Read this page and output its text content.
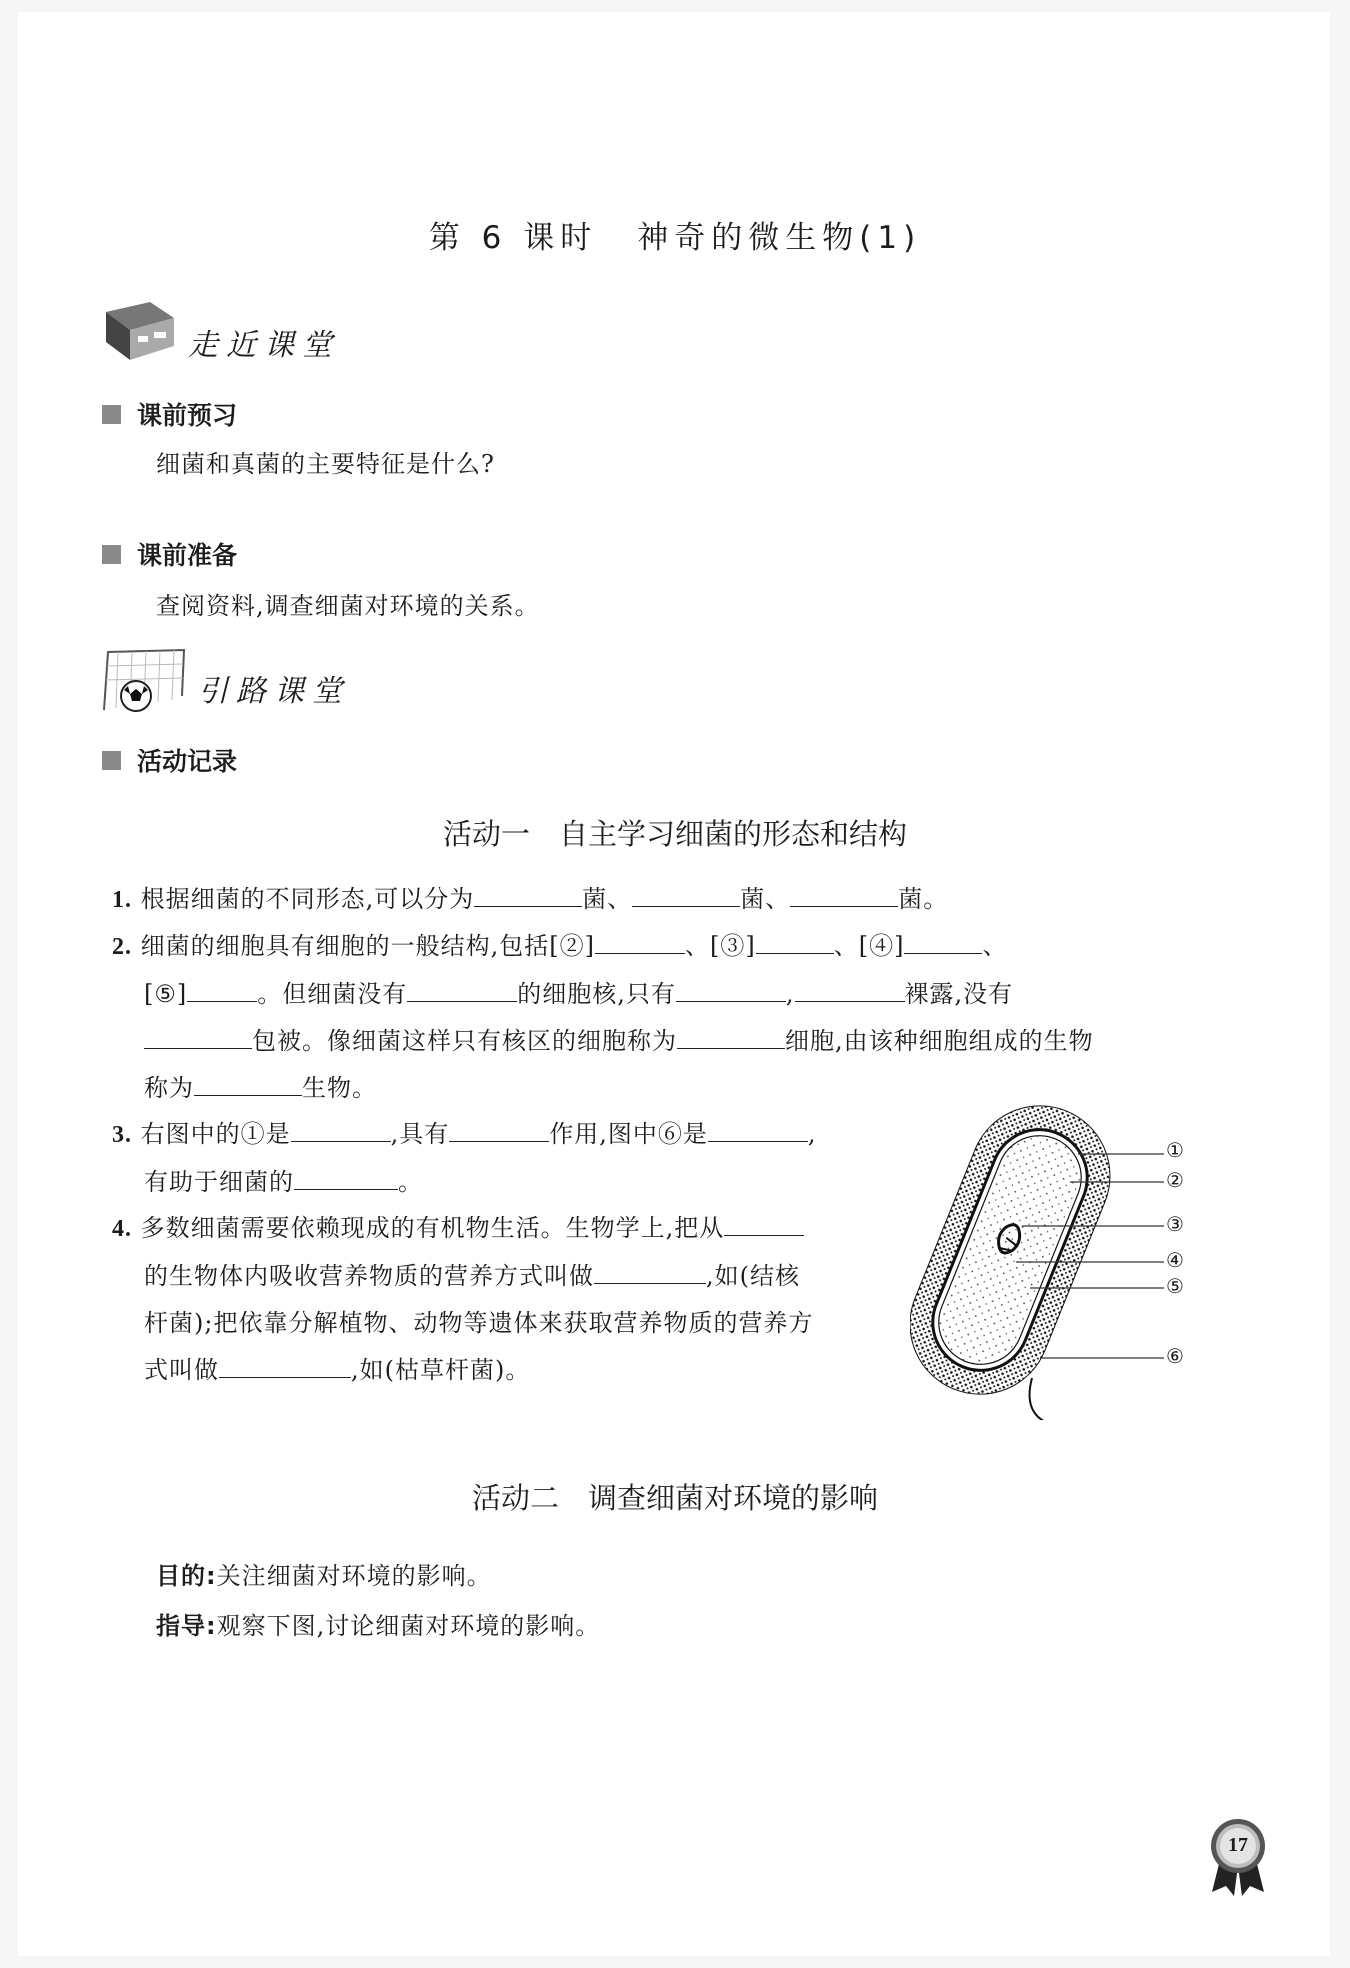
第 6 课时 神奇的微生物(1)
走近课堂
课前预习
细菌和真菌的主要特征是什么?
课前准备
查阅资料,调查细菌对环境的关系。
引路课堂
活动记录
活动一　自主学习细菌的形态和结构
1. 根据细菌的不同形态,可以分为	菌、	菌、	菌。
2. 细菌的细胞具有细胞的一般结构,包括[②]	、[③]	、[④]	、
[⑤]	。但细菌没有	的细胞核,只有	,	裸露,没有
包被。像细菌这样只有核区的细胞称为	细胞,由该种细胞组成的生物
称为	生物。
3. 右图中的①是	,具有	作用,图中⑥是	,
有助于细菌的	。
4. 多数细菌需要依赖现成的有机物生活。生物学上,把从
的生物体内吸收营养物质的营养方式叫做	,如(结核
杆菌);把依靠分解植物、动物等遗体来获取营养物质的营养方
式叫做	,如(枯草杆菌)。
①
②
③
④
⑤
⑥
活动二　调查细菌对环境的影响
目的:关注细菌对环境的影响。
指导:观察下图,讨论细菌对环境的影响。
17
